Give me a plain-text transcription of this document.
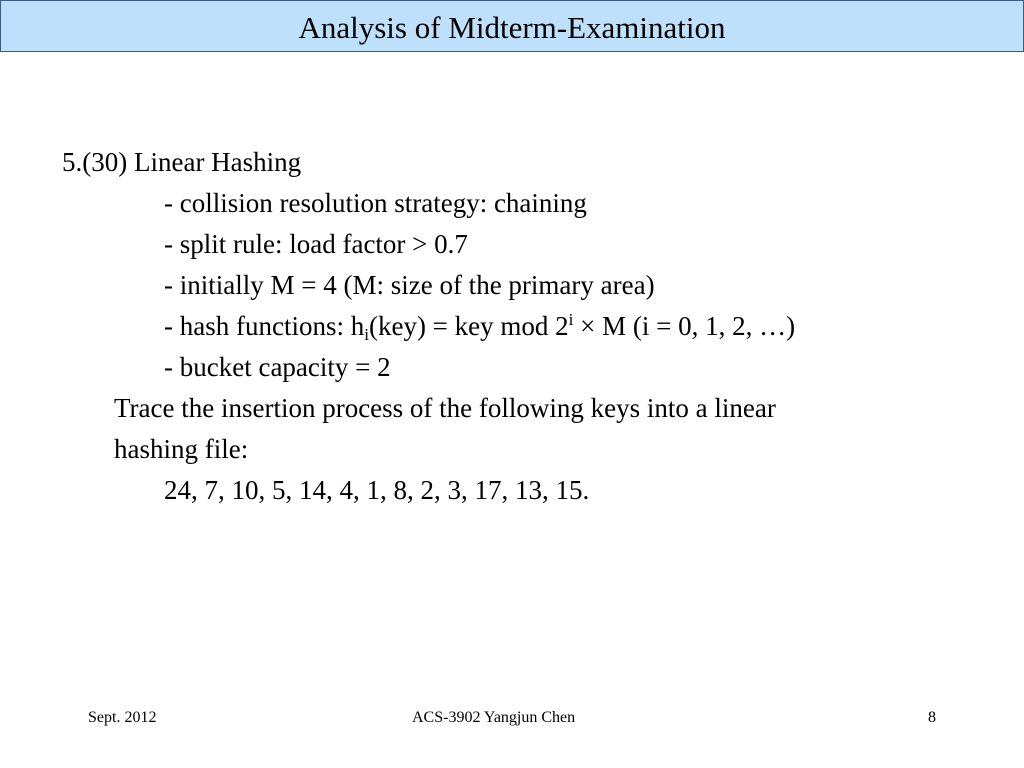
Analysis of Midterm-Examination
5.(30) Linear Hashing
- collision resolution strategy: chaining
- split rule: load factor > 0.7
- initially M = 4 (M: size of the primary area)
- hash functions: $h_i(key)$ = key mod $2^i \times M$ (i = 0, 1, 2, …)
- bucket capacity = 2
Trace the insertion process of the following keys into a linear
hashing file:
24, 7, 10, 5, 14, 4, 1, 8, 2, 3, 17, 13, 15.
Sept. 2012	ACS-3902 Yangjun Chen	8
